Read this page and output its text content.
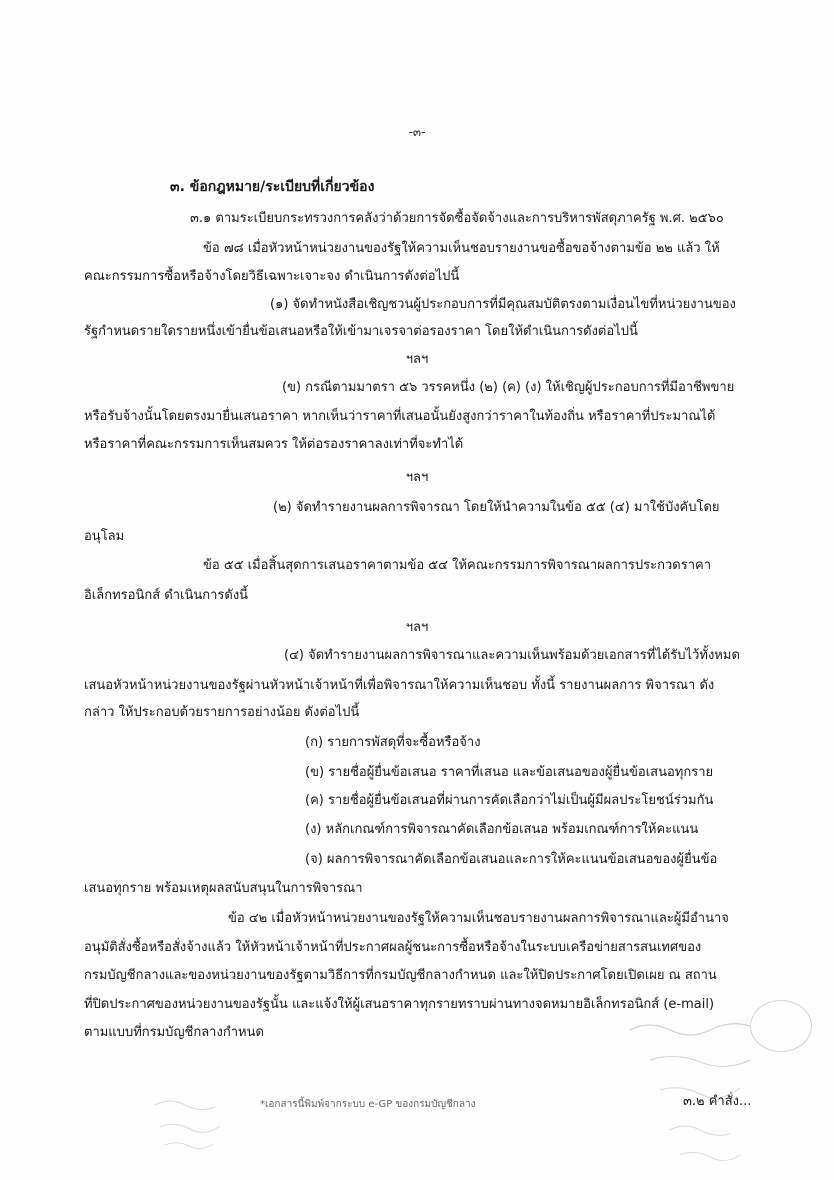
-๓-
๓. ข้อกฎหมาย/ระเบียบที่เกี่ยวข้อง
๓.๑ ตามระเบียบกระทรวงการคลังว่าด้วยการจัดซื้อจัดจ้างและการบริหารพัสดุภาครัฐ พ.ศ. ๒๕๖๐
ข้อ ๗๘ เมื่อหัวหน้าหน่วยงานของรัฐให้ความเห็นชอบรายงานขอซื้อขอจ้างตามข้อ ๒๒ แล้ว ให้
คณะกรรมการซื้อหรือจ้างโดยวิธีเฉพาะเจาะจง ดำเนินการดังต่อไปนี้
(๑) จัดทำหนังสือเชิญชวนผู้ประกอบการที่มีคุณสมบัติตรงตามเงื่อนไขที่หน่วยงานของ
รัฐกำหนดรายใดรายหนึ่งเข้ายื่นข้อเสนอหรือให้เข้ามาเจรจาต่อรองราคา โดยให้ดำเนินการดังต่อไปนี้
ฯลฯ
(ข) กรณีตามมาตรา ๕๖ วรรคหนึ่ง (๒) (ค) (ง) ให้เชิญผู้ประกอบการที่มีอาชีพขาย
หรือรับจ้างนั้นโดยตรงมายื่นเสนอราคา หากเห็นว่าราคาที่เสนอนั้นยังสูงกว่าราคาในท้องถิ่น หรือราคาที่ประมาณได้
หรือราคาที่คณะกรรมการเห็นสมควร ให้ต่อรองราคาลงเท่าที่จะทำได้
ฯลฯ
(๒) จัดทำรายงานผลการพิจารณา โดยให้นำความในข้อ ๕๕ (๔) มาใช้บังคับโดย
อนุโลม
ข้อ ๕๕ เมื่อสิ้นสุดการเสนอราคาตามข้อ ๕๔ ให้คณะกรรมการพิจารณาผลการประกวดราคา
อิเล็กทรอนิกส์ ดำเนินการดังนี้
ฯลฯ
(๔) จัดทำรายงานผลการพิจารณาและความเห็นพร้อมด้วยเอกสารที่ได้รับไว้ทั้งหมด
เสนอหัวหน้าหน่วยงานของรัฐผ่านหัวหน้าเจ้าหน้าที่เพื่อพิจารณาให้ความเห็นชอบ ทั้งนี้ รายงานผลการ พิจารณา ดัง
กล่าว ให้ประกอบด้วยรายการอย่างน้อย ดังต่อไปนี้
(ก) รายการพัสดุที่จะซื้อหรือจ้าง
(ข) รายชื่อผู้ยื่นข้อเสนอ ราคาที่เสนอ และข้อเสนอของผู้ยื่นข้อเสนอทุกราย
(ค) รายชื่อผู้ยื่นข้อเสนอที่ผ่านการคัดเลือกว่าไม่เป็นผู้มีผลประโยชน์ร่วมกัน
(ง) หลักเกณฑ์การพิจารณาคัดเลือกข้อเสนอ พร้อมเกณฑ์การให้คะแนน
(จ) ผลการพิจารณาคัดเลือกข้อเสนอและการให้คะแนนข้อเสนอของผู้ยื่นข้อ
เสนอทุกราย พร้อมเหตุผลสนับสนุนในการพิจารณา
ข้อ ๔๒ เมื่อหัวหน้าหน่วยงานของรัฐให้ความเห็นชอบรายงานผลการพิจารณาและผู้มีอำนาจ
อนุมัติสั่งซื้อหรือสั่งจ้างแล้ว ให้หัวหน้าเจ้าหน้าที่ประกาศผลผู้ชนะการซื้อหรือจ้างในระบบเครือข่ายสารสนเทศของ
กรมบัญชีกลางและของหน่วยงานของรัฐตามวิธีการที่กรมบัญชีกลางกำหนด และให้ปิดประกาศโดยเปิดเผย ณ สถาน
ที่ปิดประกาศของหน่วยงานของรัฐนั้น และแจ้งให้ผู้เสนอราคาทุกรายทราบผ่านทางจดหมายอิเล็กทรอนิกส์ (e-mail)
ตามแบบที่กรมบัญชีกลางกำหนด
*เอกสารนี้พิมพ์จากระบบ e-GP ของกรมบัญชีกลาง	๓.๒ คำสั่ง...
